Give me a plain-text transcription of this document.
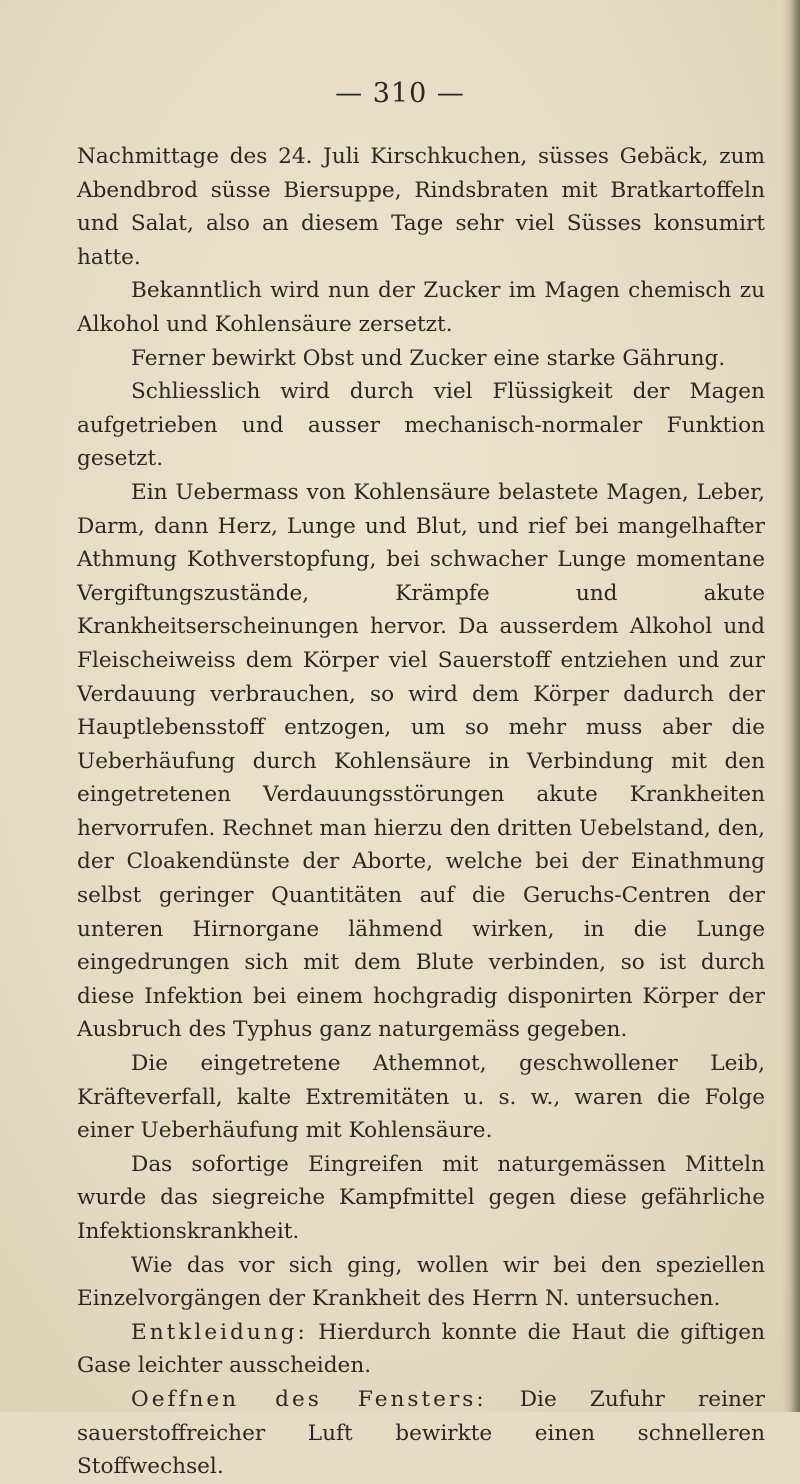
— 310 —

Nachmittage des 24. Juli Kirschkuchen, süsses Gebäck, zum Abendbrod süsse Biersuppe, Rindsbraten mit Bratkartoffeln und Salat, also an diesem Tage sehr viel Süsses konsumirt hatte.

Bekanntlich wird nun der Zucker im Magen chemisch zu Alkohol und Kohlensäure zersetzt.

Ferner bewirkt Obst und Zucker eine starke Gährung.

Schliesslich wird durch viel Flüssigkeit der Magen aufgetrieben und ausser mechanisch-normaler Funktion gesetzt.

Ein Uebermass von Kohlensäure belastete Magen, Leber, Darm, dann Herz, Lunge und Blut, und rief bei mangelhafter Athmung Kothverstopfung, bei schwacher Lunge momentane Vergiftungszustände, Krämpfe und akute Krankheitserscheinungen hervor. Da ausserdem Alkohol und Fleischeiweiss dem Körper viel Sauerstoff entziehen und zur Verdauung verbrauchen, so wird dem Körper dadurch der Hauptlebensstoff entzogen, um so mehr muss aber die Ueberhäufung durch Kohlensäure in Verbindung mit den eingetretenen Verdauungsstörungen akute Krankheiten hervorrufen. Rechnet man hierzu den dritten Uebelstand, den, der Cloakendünste der Aborte, welche bei der Einathmung selbst geringer Quantitäten auf die Geruchs-Centren der unteren Hirnorgane lähmend wirken, in die Lunge eingedrungen sich mit dem Blute verbinden, so ist durch diese Infektion bei einem hochgradig disponirten Körper der Ausbruch des Typhus ganz naturgemäss gegeben.

Die eingetretene Athemnot, geschwollener Leib, Kräfteverfall, kalte Extremitäten u. s. w., waren die Folge einer Ueberhäufung mit Kohlensäure.

Das sofortige Eingreifen mit naturgemässen Mitteln wurde das siegreiche Kampfmittel gegen diese gefährliche Infektionskrankheit.

Wie das vor sich ging, wollen wir bei den speziellen Einzelvorgängen der Krankheit des Herrn N. untersuchen.

Entkleidung: Hierdurch konnte die Haut die giftigen Gase leichter ausscheiden.

Oeffnen des Fensters: Die Zufuhr reiner sauerstoffreicher Luft bewirkte einen schnelleren Stoffwechsel.
